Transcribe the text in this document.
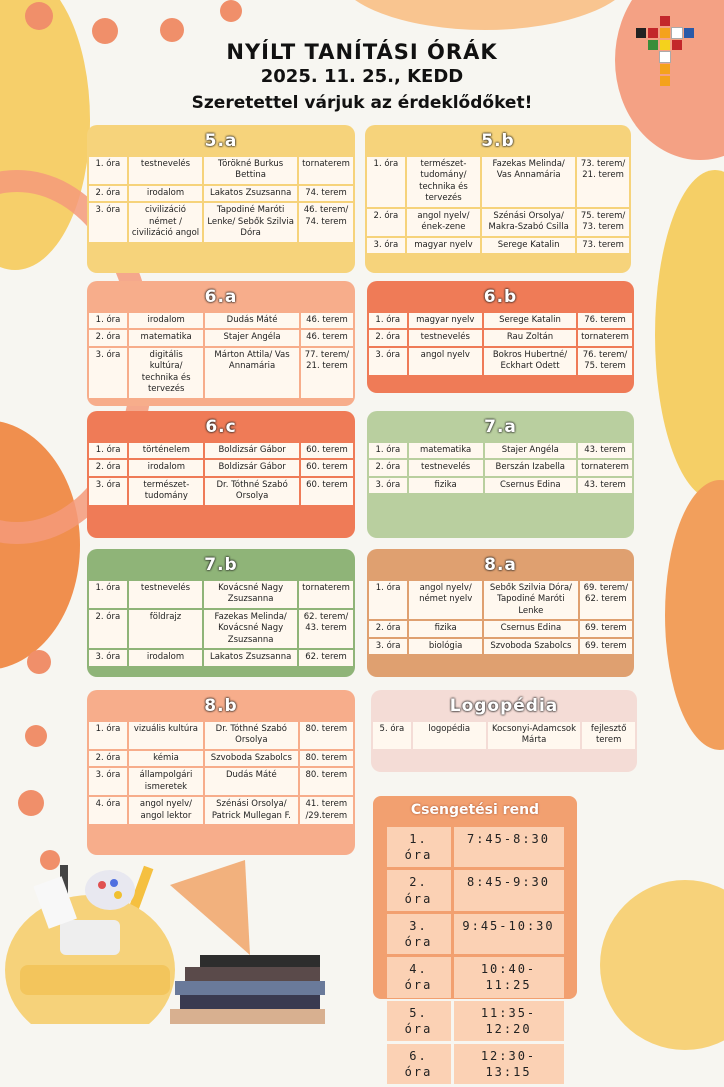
NYÍLT TANÍTÁSI ÓRÁK
2025. 11. 25., KEDD
Szeretettel várjuk az érdeklődőket!
5.a
1. óra	testnevelés	Törökné Burkus Bettina	tornaterem
2. óra	irodalom	Lakatos Zsuzsanna	74. terem
3. óra	civilizáció német / civilizáció angol	Tapodiné Maróti Lenke/ Sebők Szilvia Dóra	46. terem/ 74. terem
5.b
1. óra	természet-tudomány/ technika és tervezés	Fazekas Melinda/ Vas Annamária	73. terem/ 21. terem
2. óra	angol nyelv/ ének-zene	Szénási Orsolya/ Makra-Szabó Csilla	75. terem/ 73. terem
3. óra	magyar nyelv	Serege Katalin	73. terem
6.a
1. óra	irodalom	Dudás Máté	46. terem
2. óra	matematika	Stajer Angéla	46. terem
3. óra	digitális kultúra/ technika és tervezés	Márton Attila/ Vas Annamária	77. terem/ 21. terem
6.b
1. óra	magyar nyelv	Serege Katalin	76. terem
2. óra	testnevelés	Rau Zoltán	tornaterem
3. óra	angol nyelv	Bokros Hubertné/ Eckhart Odett	76. terem/ 75. terem
6.c
1. óra	történelem	Boldizsár Gábor	60. terem
2. óra	irodalom	Boldizsár Gábor	60. terem
3. óra	természet-tudomány	Dr. Tóthné Szabó Orsolya	60. terem
7.a
1. óra	matematika	Stajer Angéla	43. terem
2. óra	testnevelés	Berszán Izabella	tornaterem
3. óra	fizika	Csernus Edina	43. terem
7.b
1. óra	testnevelés	Kovácsné Nagy Zsuzsanna	tornaterem
2. óra	földrajz	Fazekas Melinda/ Kovácsné Nagy Zsuzsanna	62. terem/ 43. terem
3. óra	irodalom	Lakatos Zsuzsanna	62. terem
8.a
1. óra	angol nyelv/ német nyelv	Sebők Szilvia Dóra/ Tapodiné Maróti Lenke	69. terem/ 62. terem
2. óra	fizika	Csernus Edina	69. terem
3. óra	biológia	Szvoboda Szabolcs	69. terem
8.b
1. óra	vizuális kultúra	Dr. Tóthné Szabó Orsolya	80. terem
2. óra	kémia	Szvoboda Szabolcs	80. terem
3. óra	állampolgári ismeretek	Dudás Máté	80. terem
4. óra	angol nyelv/ angol lektor	Szénási Orsolya/ Patrick Mullegan F.	41. terem /29.terem
Logopédia
5. óra	logopédia	Kocsonyi-Adamcsok Márta	fejlesztő terem
Csengetési rend
1. óra	7:45-8:30
2. óra	8:45-9:30
3. óra	9:45-10:30
4. óra	10:40-11:25
5. óra	11:35-12:20
6. óra	12:30-13:15
